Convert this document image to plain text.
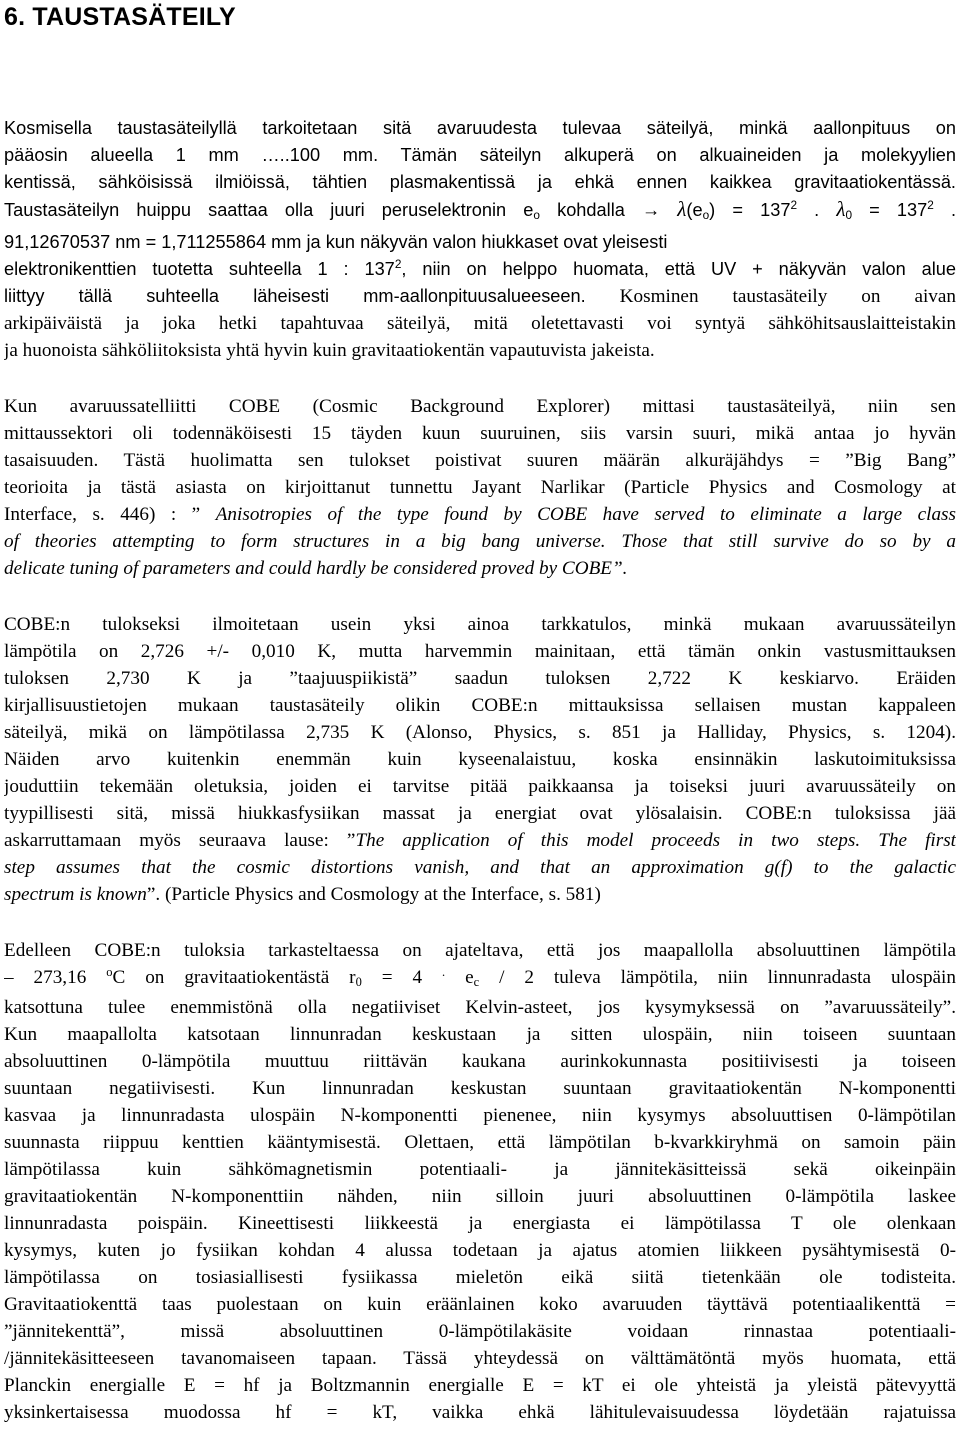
6. TAUSTASÄTEILY

Kosmisella taustasäteilyllä tarkoitetaan sitä avaruudesta tulevaa säteilyä, minkä aallonpituus on

pääosin alueella 1 mm …..100 mm. Tämän säteilyn alkuperä on alkuaineiden ja molekyylien

kentissä, sähköisissä ilmiöissä, tähtien plasmakentissä ja ehkä ennen kaikkea gravitaatiokentässä.

Taustasäteilyn huippu saattaa olla juuri peruselektronin $e_o$ kohdalla → $\lambda(e_o) = 137^2$ . $\lambda_0 = 137^2$ .

91,12670537 nm = 1,711255864 mm ja kun näkyvän valon hiukkaset ovat yleisesti

elektronikenttien tuotetta suhteella 1 : $137^2$, niin on helppo huomata, että UV + näkyvän valon alue

liittyy tällä suhteella läheisesti mm-aallonpituusalueeseen. Kosminen taustasäteily on aivan

arkipäiväistä ja joka hetki tapahtuvaa säteilyä, mitä oletettavasti voi syntyä sähköhitsauslaitteistakin

ja huonoista sähköliitoksista yhtä hyvin kuin gravitaatiokentän vapautuvista jakeista.

Kun avaruussatelliitti COBE (Cosmic Background Explorer) mittasi taustasäteilyä, niin sen

mittaussektori oli todennäköisesti 15 täyden kuun suuruinen, siis varsin suuri, mikä antaa jo hyvän

tasaisuuden. Tästä huolimatta sen tulokset poistivat suuren määrän alkuräjähdys = ”Big Bang”

teorioita ja tästä asiasta on kirjoittanut tunnettu Jayant Narlikar (Particle Physics and Cosmology at

Interface, s. 446) : ” Anisotropies of the type found by COBE have served to eliminate a large class

of theories attempting to form structures in a big bang universe. Those that still survive do so by a

delicate tuning of parameters and could hardly be considered proved by COBE”.

COBE:n tulokseksi ilmoitetaan usein yksi ainoa tarkkatulos, minkä mukaan avaruussäteilyn

lämpötila on 2,726 +/- 0,010 K, mutta harvemmin mainitaan, että tämän onkin vastusmittauksen

tuloksen 2,730 K ja ”taajuuspiikistä” saadun tuloksen 2,722 K keskiarvo. Eräiden

kirjallisuustietojen mukaan taustasäteily olikin COBE:n mittauksissa sellaisen mustan kappaleen

säteilyä, mikä on lämpötilassa 2,735 K (Alonso, Physics, s. 851 ja Halliday, Physics, s. 1204).

Näiden arvo kuitenkin enemmän kuin kyseenalaistuu, koska ensinnäkin laskutoimituksissa

jouduttiin tekemään oletuksia, joiden ei tarvitse pitää paikkaansa ja toiseksi juuri avaruussäteily on

tyypillisesti sitä, missä hiukkasfysiikan massat ja energiat ovat ylösalaisin. COBE:n tuloksissa jää

askarruttamaan myös seuraava lause: ”The application of this model proceeds in two steps. The first

step assumes that the cosmic distortions vanish, and that an approximation g(f) to the galactic

spectrum is known”. (Particle Physics and Cosmology at the Interface, s. 581)

Edelleen COBE:n tuloksia tarkasteltaessa on ajateltava, että jos maapallolla absoluuttinen lämpötila

– 273,16 $^o$C on gravitaatiokentästä $r_0 = 4$ . $e_c / 2$ tuleva lämpötila, niin linnunradasta ulospäin

katsottuna tulee enemmistönä olla negatiiviset Kelvin-asteet, jos kysymyksessä on ”avaruussäteily”.

Kun maapallolta katsotaan linnunradan keskustaan ja sitten ulospäin, niin toiseen suuntaan

absoluuttinen 0-lämpötila muuttuu riittävän kaukana aurinkokunnasta positiivisesti ja toiseen

suuntaan negatiivisesti. Kun linnunradan keskustan suuntaan gravitaatiokentän N-komponentti

kasvaa ja linnunradasta ulospäin N-komponentti pienenee, niin kysymys absoluuttisen 0-lämpötilan

suunnasta riippuu kenttien kääntymisestä. Olettaen, että lämpötilan b-kvarkkiryhmä on samoin päin

lämpötilassa kuin sähkömagnetismin potentiaali- ja jännitekäsitteissä sekä oikeinpäin

gravitaatiokentän N-komponenttiin nähden, niin silloin juuri absoluuttinen 0-lämpötila laskee

linnunradasta poispäin. Kineettisesti liikkeestä ja energiasta ei lämpötilassa T ole olenkaan

kysymys, kuten jo fysiikan kohdan 4 alussa todetaan ja ajatus atomien liikkeen pysähtymisestä 0-

lämpötilassa on tosiasiallisesti fysiikassa mieletön eikä siitä tietenkään ole todisteita.

Gravitaatiokenttä taas puolestaan on kuin eräänlainen koko avaruuden täyttävä potentiaalikenttä =

”jännitekenttä”, missä absoluuttinen 0-lämpötilakäsite voidaan rinnastaa potentiaali-

/jännitekäsitteeseen tavanomaiseen tapaan. Tässä yhteydessä on välttämätöntä myös huomata, että

Planckin energialle E = hf ja Boltzmannin energialle E = kT ei ole yhteistä ja yleistä pätevyyttä

yksinkertaisessa muodossa hf = kT, vaikka ehkä lähitulevaisuudessa löydetään rajatuissa
